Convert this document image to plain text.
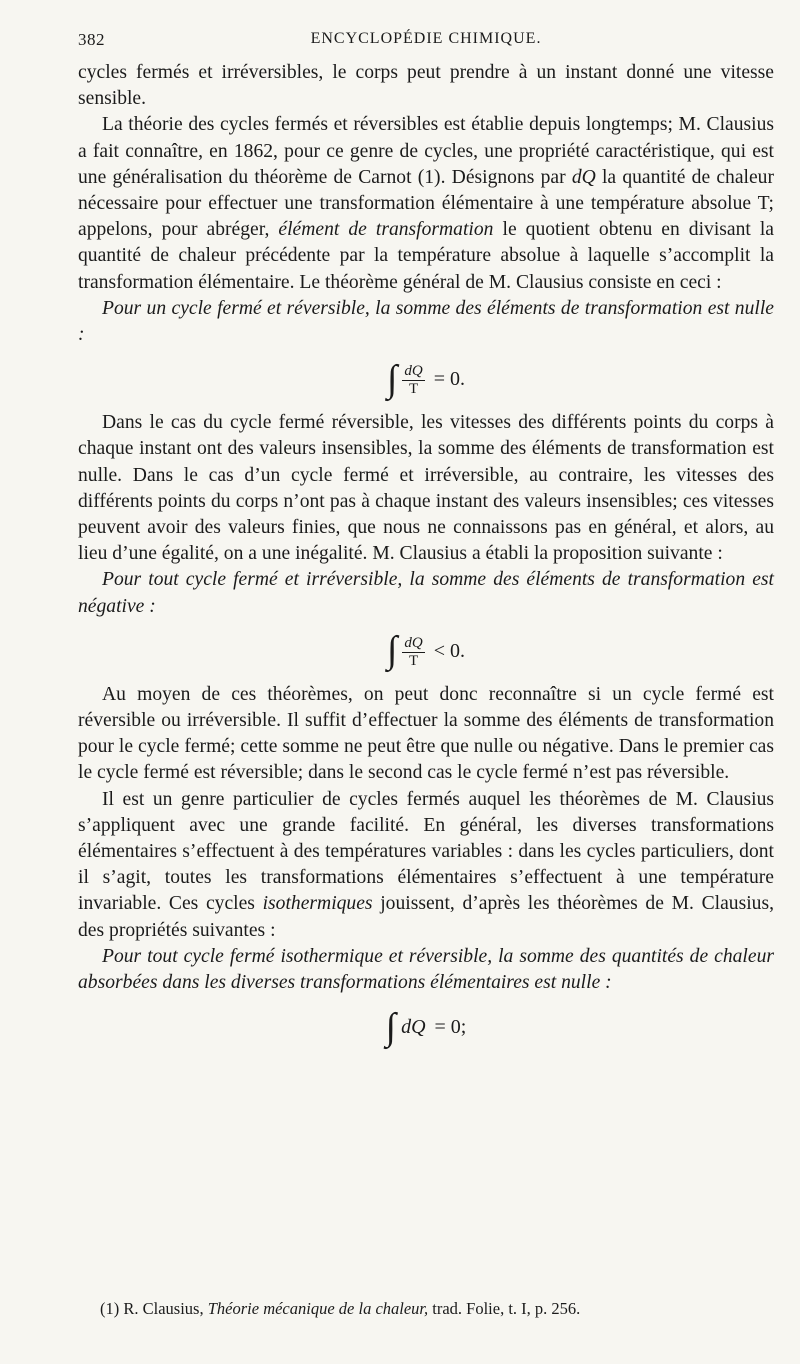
382	ENCYCLOPÉDIE CHIMIQUE.

cycles fermés et irréversibles, le corps peut prendre à un instant donné une vitesse sensible.

La théorie des cycles fermés et réversibles est établie depuis longtemps; M. Clausius a fait connaître, en 1862, pour ce genre de cycles, une propriété caractéristique, qui est une généralisation du théorème de Carnot (1). Désignons par dQ la quantité de chaleur nécessaire pour effectuer une transformation élémentaire à une température absolue T; appelons, pour abréger, élément de transformation le quotient obtenu en divisant la quantité de chaleur précédente par la température absolue à laquelle s’accomplit la transformation élémentaire. Le théorème général de M. Clausius consiste en ceci :

Pour un cycle fermé et réversible, la somme des éléments de transformation est nulle :

∫ $\frac{dQ}{T} = 0$.

Dans le cas du cycle fermé réversible, les vitesses des différents points du corps à chaque instant ont des valeurs insensibles, la somme des éléments de transformation est nulle. Dans le cas d’un cycle fermé et irréversible, au contraire, les vitesses des différents points du corps n’ont pas à chaque instant des valeurs insensibles; ces vitesses peuvent avoir des valeurs finies, que nous ne connaissons pas en général, et alors, au lieu d’une égalité, on a une inégalité. M. Clausius a établi la proposition suivante :

Pour tout cycle fermé et irréversible, la somme des éléments de transformation est négative :

∫ $\frac{dQ}{T} < 0$.

Au moyen de ces théorèmes, on peut donc reconnaître si un cycle fermé est réversible ou irréversible. Il suffit d’effectuer la somme des éléments de transformation pour le cycle fermé; cette somme ne peut être que nulle ou négative. Dans le premier cas le cycle fermé est réversible; dans le second cas le cycle fermé n’est pas réversible.

Il est un genre particulier de cycles fermés auquel les théorèmes de M. Clausius s’appliquent avec une grande facilité. En général, les diverses transformations élémentaires s’effectuent à des températures variables : dans les cycles particuliers, dont il s’agit, toutes les transformations élémentaires s’effectuent à une température invariable. Ces cycles isothermiques jouissent, d’après les théorèmes de M. Clausius, des propriétés suivantes :

Pour tout cycle fermé isothermique et réversible, la somme des quantités de chaleur absorbées dans les diverses transformations élémentaires est nulle :

∫ dQ = 0;
(1) R. Clausius, Théorie mécanique de la chaleur, trad. Folie, t. I, p. 256.
